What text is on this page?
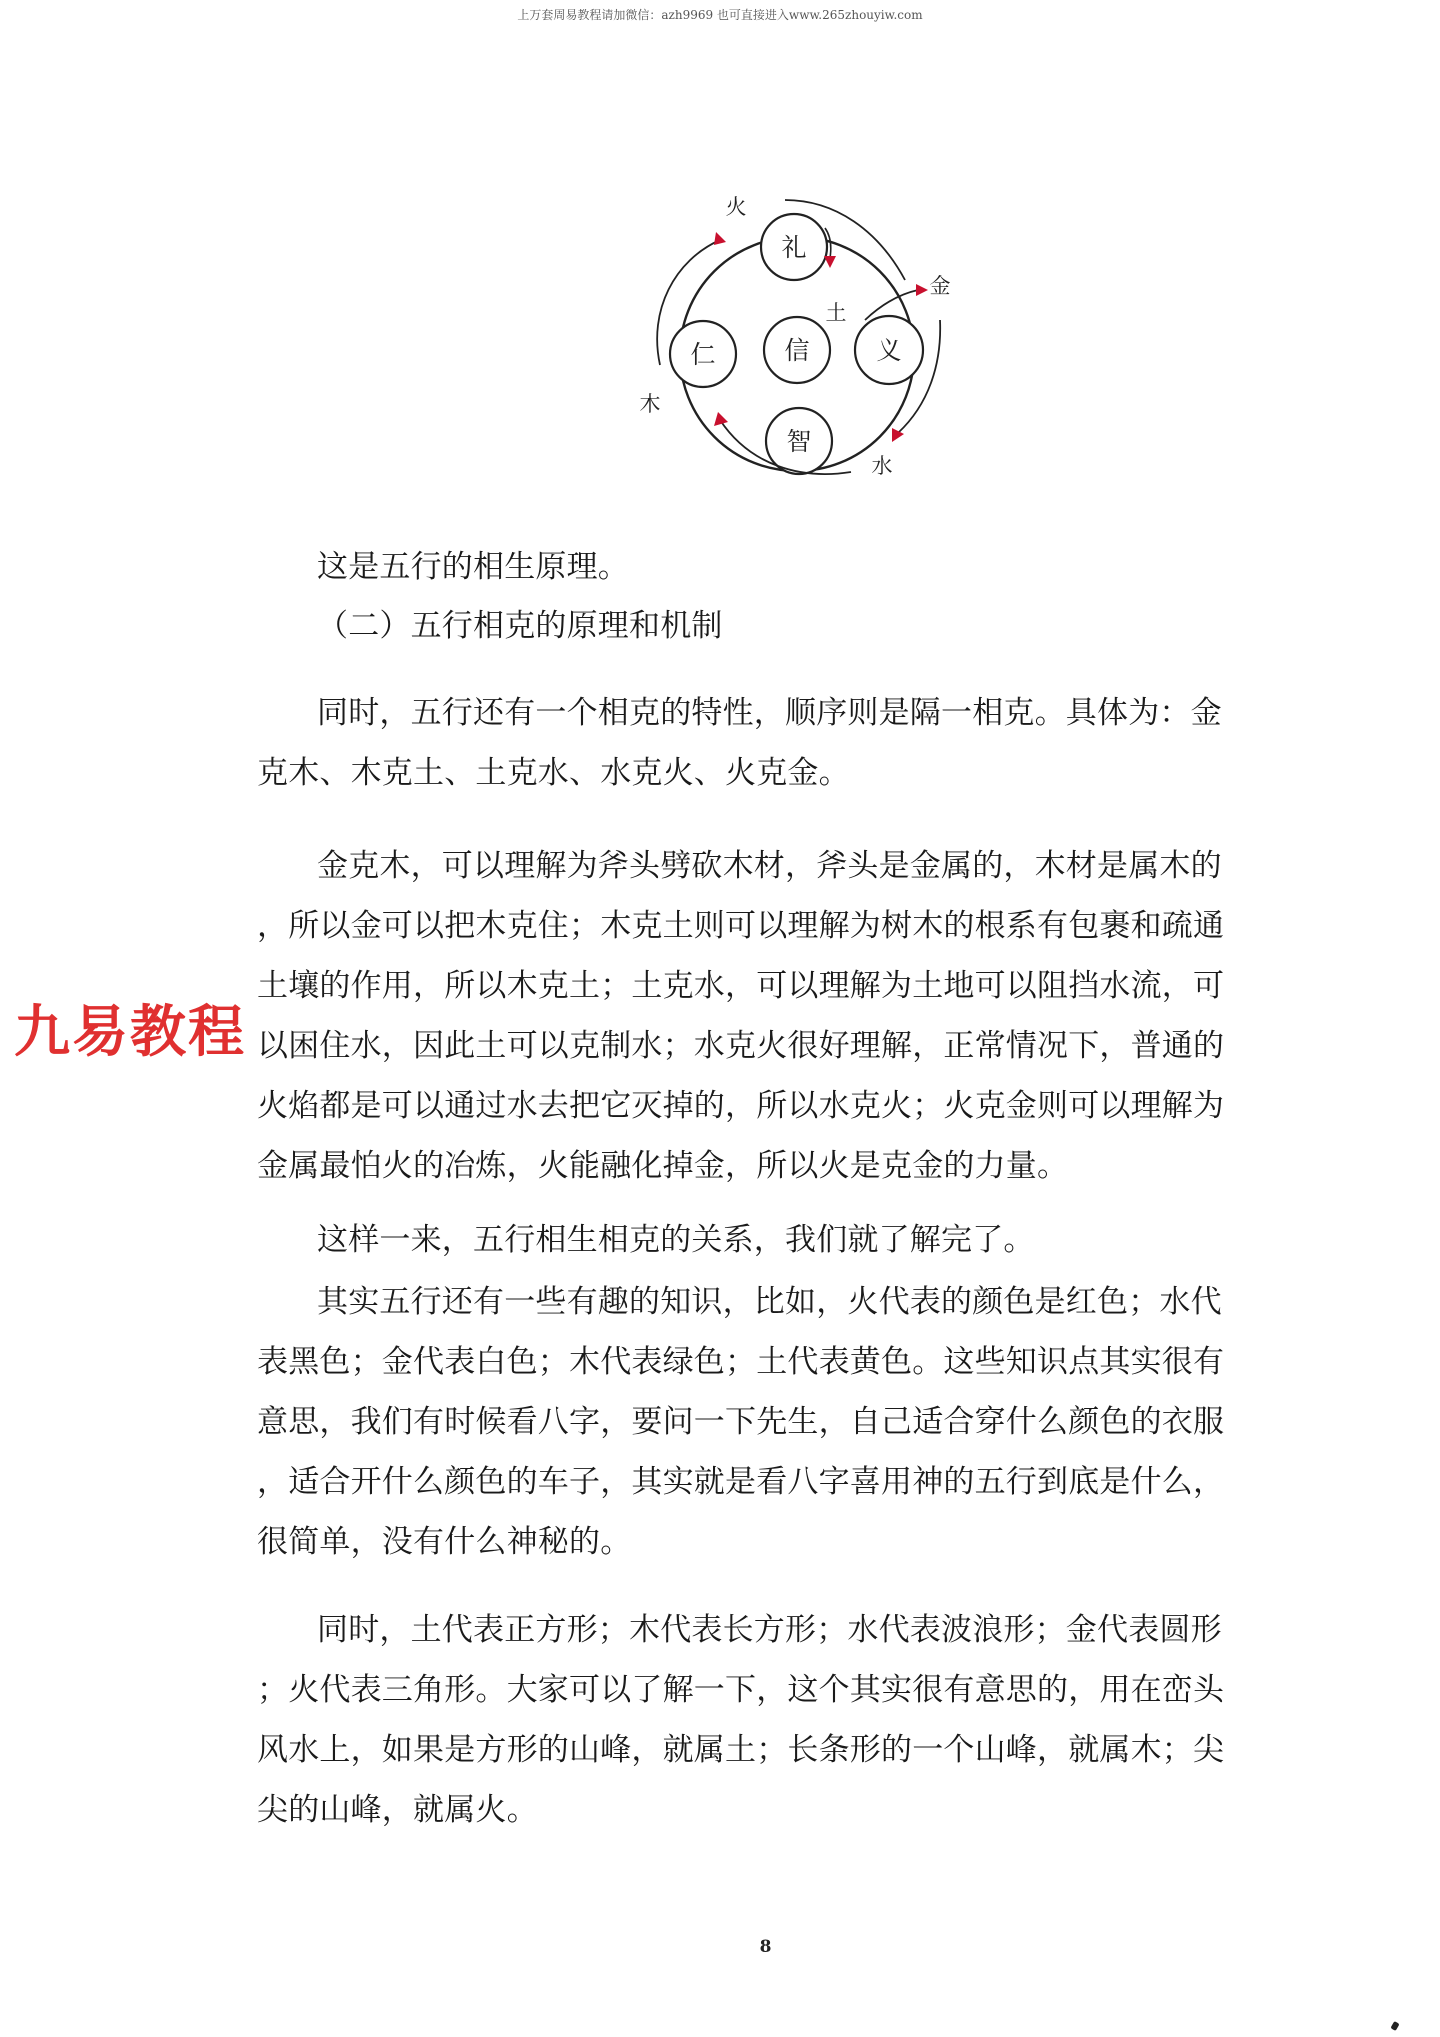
上万套周易教程请加微信：azh9969 也可直接进入www.265zhouyiw.com
礼
仁	信	义
智
火
金
土
木
水
这是五行的相生原理。
（二）五行相克的原理和机制
同时，五行还有一个相克的特性，顺序则是隔一相克。具体为：金
克木、木克土、土克水、水克火、火克金。
金克木，可以理解为斧头劈砍木材，斧头是金属的，木材是属木的
，所以金可以把木克住；木克土则可以理解为树木的根系有包裹和疏通
土壤的作用，所以木克土；土克水，可以理解为土地可以阻挡水流，可
以困住水，因此土可以克制水；水克火很好理解，正常情况下，普通的
火焰都是可以通过水去把它灭掉的，所以水克火；火克金则可以理解为
金属最怕火的冶炼，火能融化掉金，所以火是克金的力量。
这样一来，五行相生相克的关系，我们就了解完了。
其实五行还有一些有趣的知识，比如，火代表的颜色是红色；水代
表黑色；金代表白色；木代表绿色；土代表黄色。这些知识点其实很有
意思，我们有时候看八字，要问一下先生，自己适合穿什么颜色的衣服
，适合开什么颜色的车子，其实就是看八字喜用神的五行到底是什么，
很简单，没有什么神秘的。
同时，土代表正方形；木代表长方形；水代表波浪形；金代表圆形
；火代表三角形。大家可以了解一下，这个其实很有意思的，用在峦头
风水上，如果是方形的山峰，就属土；长条形的一个山峰，就属木；尖
尖的山峰，就属火。
九易教程
8
